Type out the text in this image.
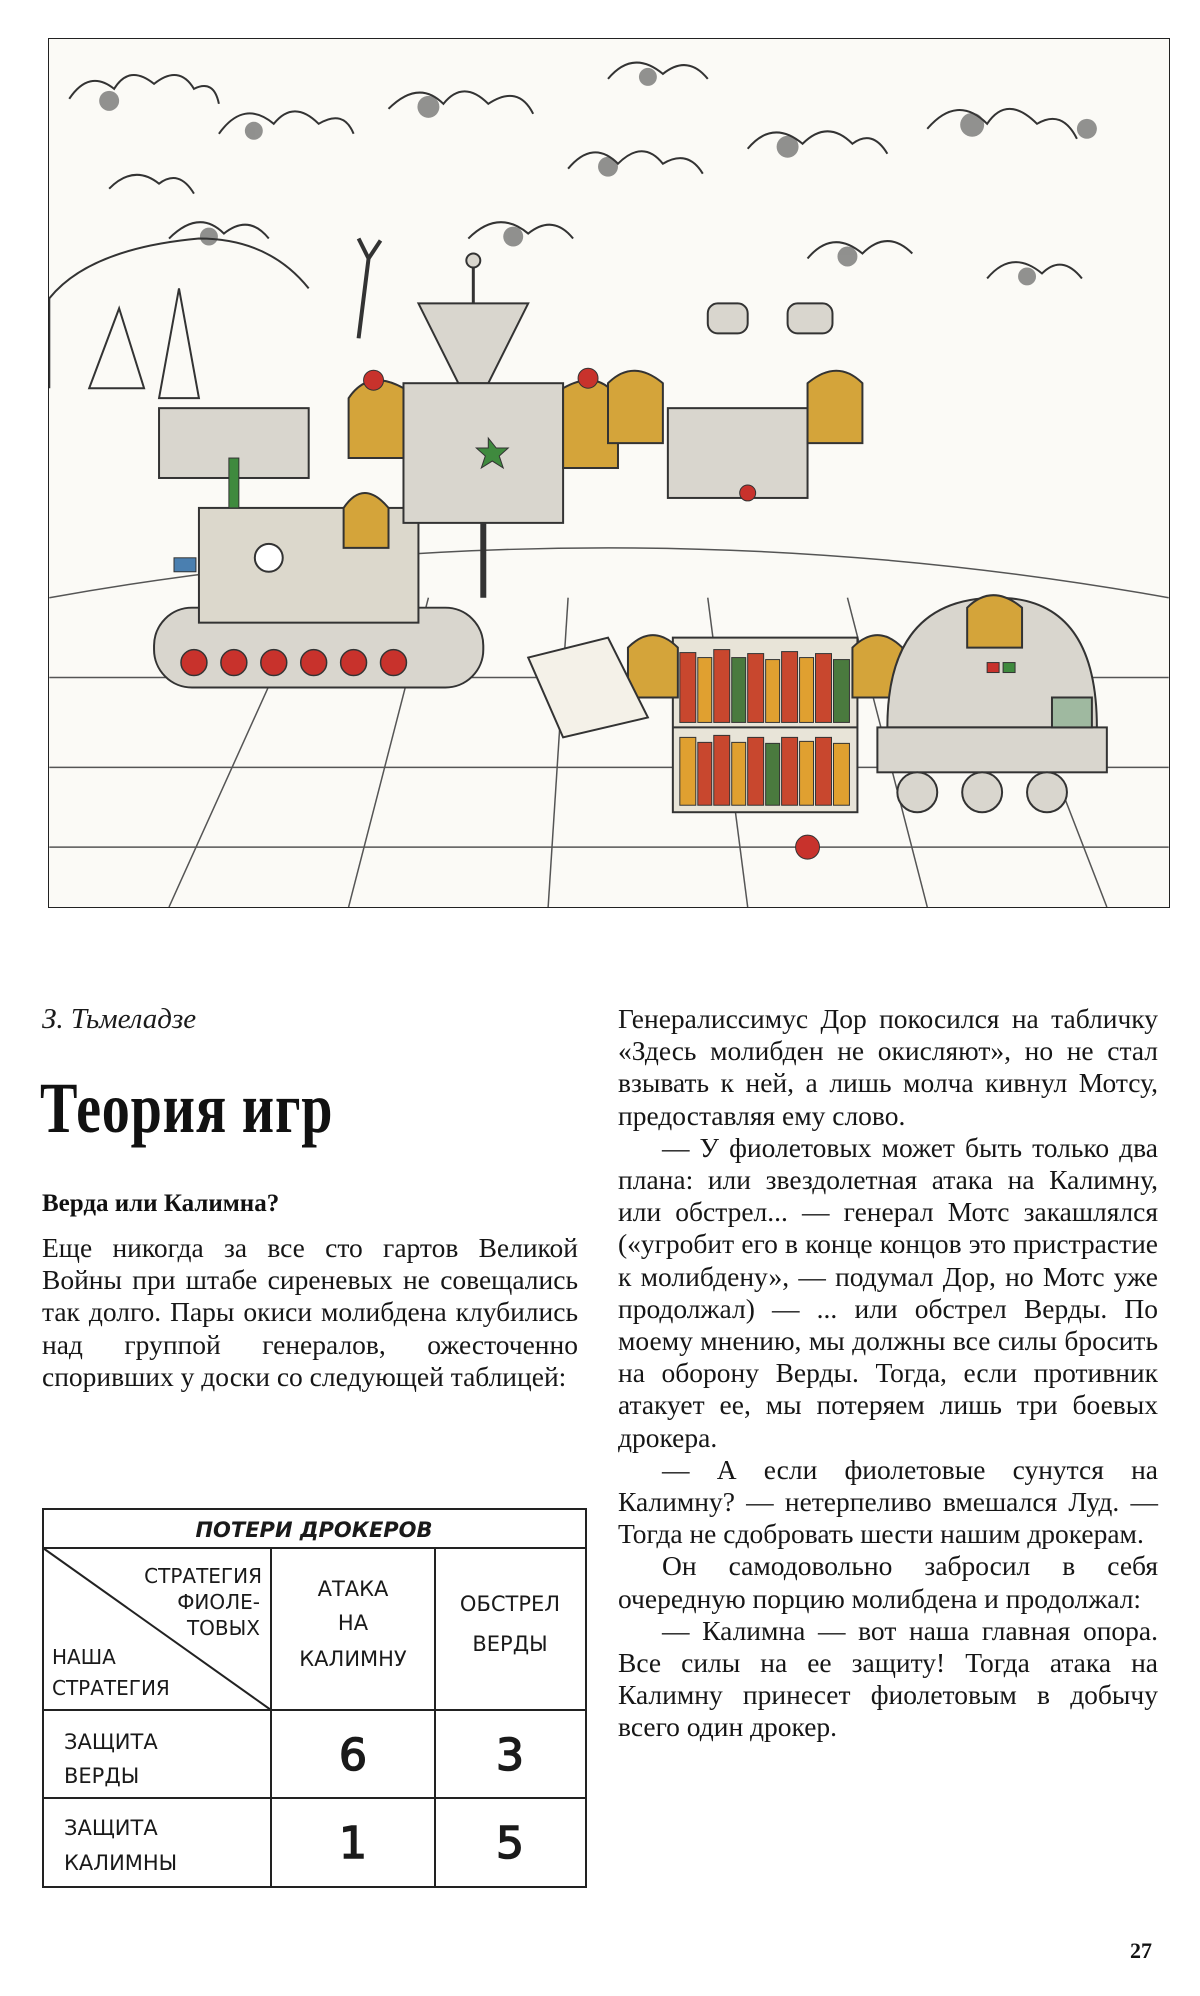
З. Тьмеладзе
Теория игр
Верда или Калимна?

Еще никогда за все сто гартов Великой Войны при штабе сиреневых не совещались так долго. Пары окиси молибдена клубились над группой генералов, ожесточенно споривших у доски со следующей таблицей:

ПОТЕРИ ДРОКЕРОВ
СТРАТЕГИЯ
ФИОЛЕ-
ТОВЫХ
НАША
СТРАТЕГИЯ
АТАКА
НА
КАЛИМНУ
ОБСТРЕЛ
ВЕРДЫ
ЗАЩИТА
ВЕРДЫ
ЗАЩИТА
КАЛИМНЫ
6	3
1	5

Генералиссимус Дор покосился на табличку «Здесь молибден не окисляют», но не стал взывать к ней, а лишь молча кивнул Мотсу, предоставляя ему слово.

— У фиолетовых может быть только два плана: или звездолетная атака на Калимну, или обстрел... — генерал Мотс закашлялся («угробит его в конце концов это пристрастие к молибдену», — подумал Дор, но Мотс уже продолжал) — ... или обстрел Верды. По моему мнению, мы должны все силы бросить на оборону Верды. Тогда, если противник атакует ее, мы потеряем лишь три боевых дрокера.

— А если фиолетовые сунутся на Калимну? — нетерпеливо вмешался Луд. — Тогда не сдобровать шести нашим дрокерам.

Он самодовольно забросил в себя очередную порцию молибдена и продолжал:

— Калимна — вот наша главная опора. Все силы на ее защиту! Тогда атака на Калимну принесет фиолетовым в добычу всего один дрокер.

27
